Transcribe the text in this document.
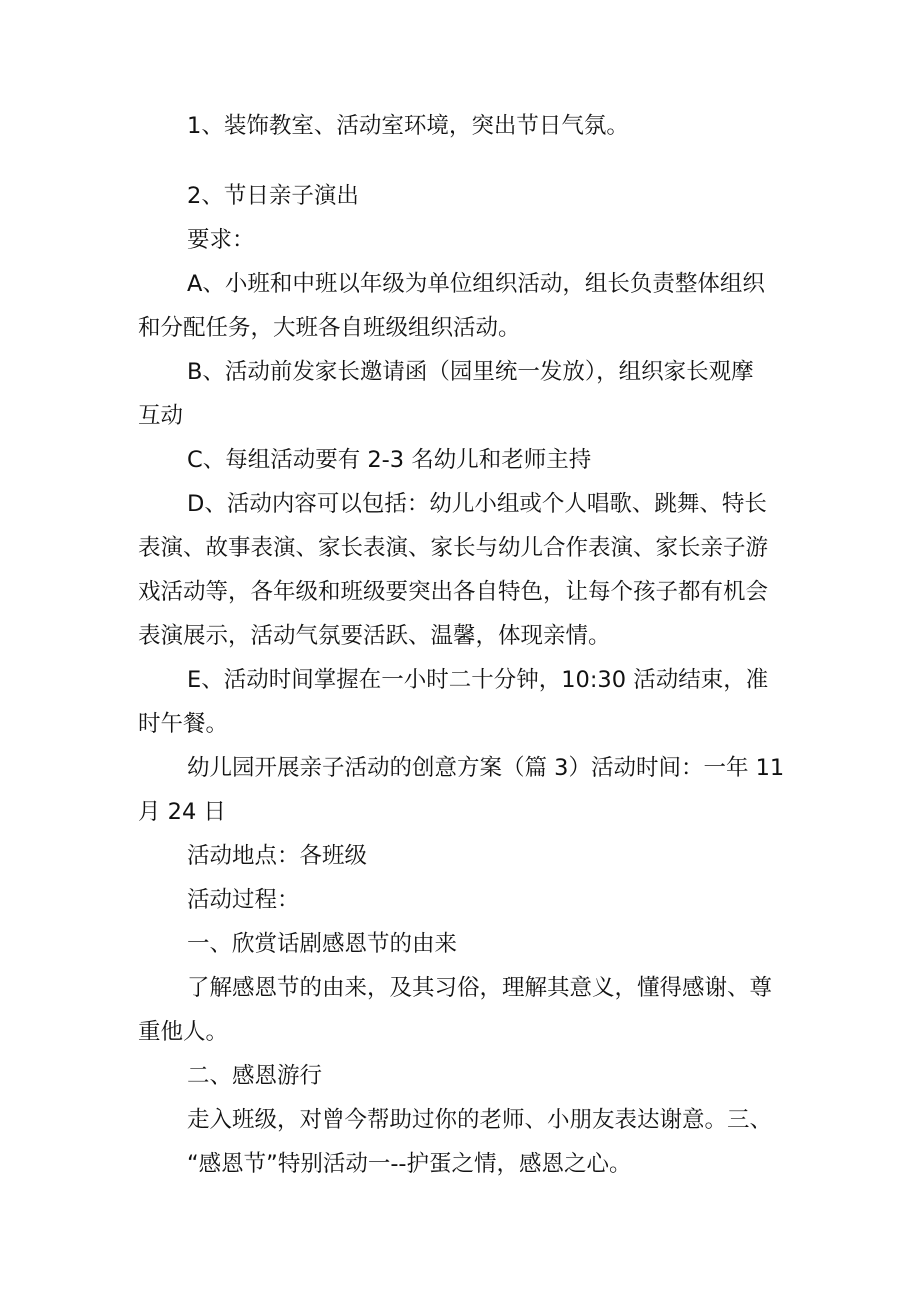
1、装饰教室、活动室环境，突出节日气氛。
2、节日亲子演出
要求：
A、小班和中班以年级为单位组织活动，组长负责整体组织
和分配任务，大班各自班级组织活动。
B、活动前发家长邀请函（园里统一发放），组织家长观摩
互动
C、每组活动要有 2-3 名幼儿和老师主持
D、活动内容可以包括：幼儿小组或个人唱歌、跳舞、特长
表演、故事表演、家长表演、家长与幼儿合作表演、家长亲子游
戏活动等，各年级和班级要突出各自特色，让每个孩子都有机会
表演展示，活动气氛要活跃、温馨，体现亲情。
E、活动时间掌握在一小时二十分钟，10:30 活动结束，准
时午餐。
幼儿园开展亲子活动的创意方案（篇 3）活动时间：一年 11
月 24 日
活动地点：各班级
活动过程：
一、欣赏话剧感恩节的由来
了解感恩节的由来，及其习俗，理解其意义，懂得感谢、尊
重他人。
二、感恩游行
走入班级，对曾今帮助过你的老师、小朋友表达谢意。三、
“感恩节”特别活动一--护蛋之情，感恩之心。
